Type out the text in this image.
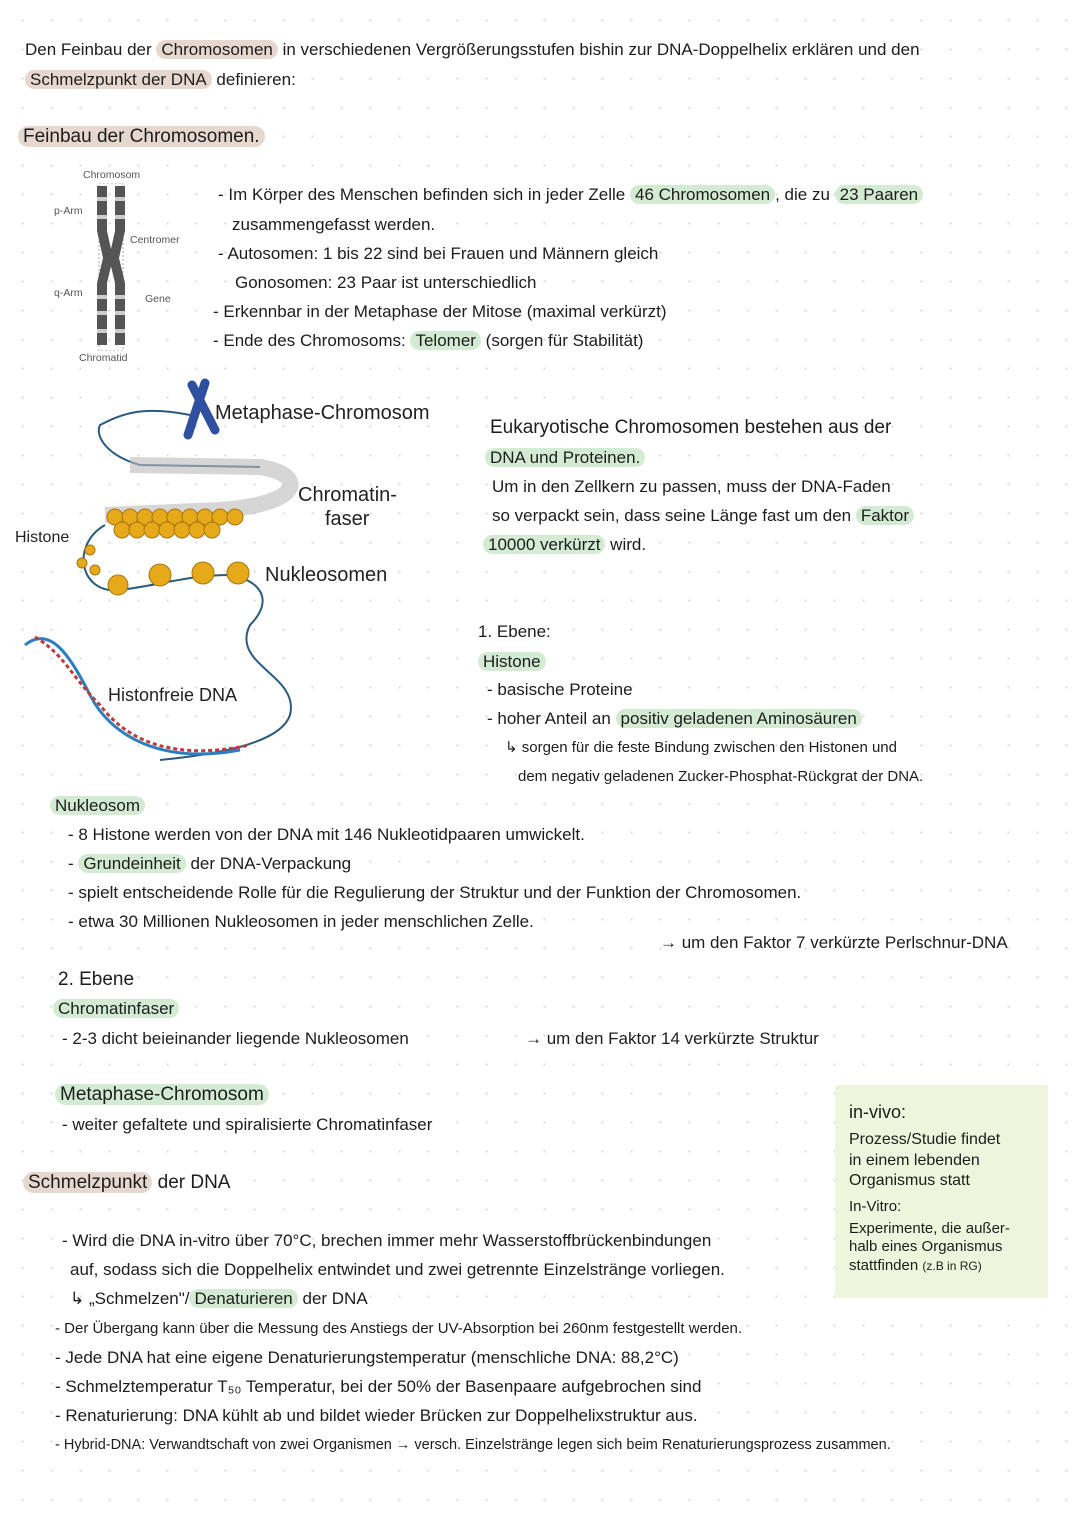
Den Feinbau der Chromosomen in verschiedenen Vergrößerungsstufen bishin zur DNA-Doppelhelix erklären und den
Schmelzpunkt der DNA definieren:
Feinbau der Chromosomen.
- Im Körper des Menschen befinden sich in jeder Zelle 46 Chromosomen , die zu 23 Paaren
zusammengefasst werden.
- Autosomen: 1 bis 22 sind bei Frauen und Männern gleich
Gonosomen: 23 Paar ist unterschiedlich
- Erkennbar in der Metaphase der Mitose (maximal verkürzt)
- Ende des Chromosoms: Telomer (sorgen für Stabilität)
Eukaryotische Chromosomen bestehen aus der
DNA und Proteinen.
Um in den Zellkern zu passen, muss der DNA-Faden
so verpackt sein, dass seine Länge fast um den Faktor
10000 verkürzt wird.
1. Ebene:
Histone
- basische Proteine
- hoher Anteil an positiv geladenen Aminosäuren
↳ sorgen für die feste Bindung zwischen den Histonen und
dem negativ geladenen Zucker-Phosphat-Rückgrat der DNA.
Nukleosom
- 8 Histone werden von der DNA mit 146 Nukleotidpaaren umwickelt.
- Grundeinheit der DNA-Verpackung
- spielt entscheidende Rolle für die Regulierung der Struktur und der Funktion der Chromosomen.
- etwa 30 Millionen Nukleosomen in jeder menschlichen Zelle.
→ um den Faktor 7 verkürzte Perlschnur-DNA
2. Ebene
Chromatinfaser
- 2-3 dicht beieinander liegende Nukleosomen	→ um den Faktor 14 verkürzte Struktur
Metaphase-Chromosom
- weiter gefaltete und spiralisierte Chromatinfaser
Schmelzpunkt der DNA
- Wird die DNA in-vitro über 70°C, brechen immer mehr Wasserstoffbrückenbindungen
auf, sodass sich die Doppelhelix entwindet und zwei getrennte Einzelstränge vorliegen.
↳ „Schmelzen"/ Denaturieren der DNA
- Der Übergang kann über die Messung des Anstiegs der UV-Absorption bei 260nm festgestellt werden.
- Jede DNA hat eine eigene Denaturierungstemperatur (menschliche DNA: 88,2°C)
- Schmelztemperatur T₅₀ Temperatur, bei der 50% der Basenpaare aufgebrochen sind
- Renaturierung: DNA kühlt ab und bildet wieder Brücken zur Doppelhelixstruktur aus.
- Hybrid-DNA: Verwandtschaft von zwei Organismen → versch. Einzelstränge legen sich beim Renaturierungsprozess zusammen.
Chromosom
p-Arm
Centromer
q-Arm	Gene
Chromatid
Metaphase-Chromosom
Chromatin-
faser
Histone
Nukleosomen
Histonfreie DNA
in-vivo:
Prozess/Studie findet
in einem lebenden
Organismus statt
In-Vitro:
Experimente, die außer-
halb eines Organismus
stattfinden (z.B in RG)
